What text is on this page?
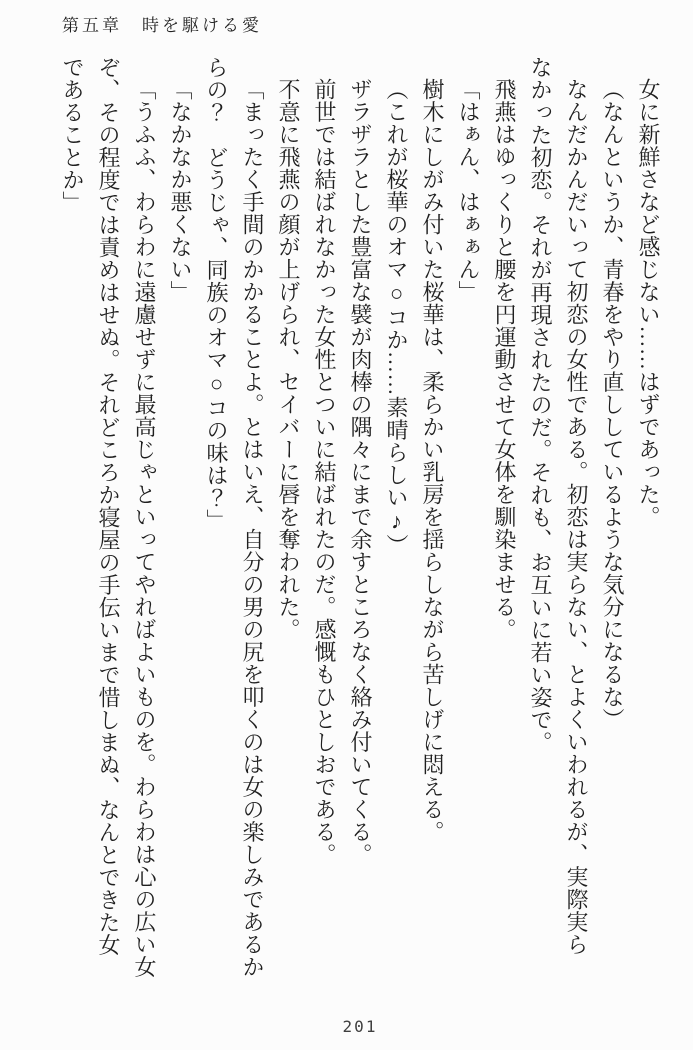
第五章　時を駆ける愛

女に新鮮さなど感じない……はずであった。

（なんというか、青春をやり直ししているような気分になるな）

なんだかんだいって初恋の女性である。初恋は実らない、とよくいわれるが、実際実ら

なかった初恋。それが再現されたのだ。それも、お互いに若い姿で。

飛燕はゆっくりと腰を円運動させて女体を馴染ませる。

「はぁん、はぁぁん」

樹木にしがみ付いた桜華は、柔らかい乳房を揺らしながら苦しげに悶える。

（これが桜華のオマ○コか……素晴らしい♪）

ザラザラとした豊富な襞が肉棒の隅々にまで余すところなく絡み付いてくる。

前世では結ばれなかった女性とついに結ばれたのだ。感慨もひとしおである。

不意に飛燕の顔が上げられ、セイバーに唇を奪われた。

「まったく手間のかかることよ。とはいえ、自分の男の尻を叩くのは女の楽しみであるか

らの？　どうじゃ、同族のオマ○コの味は？」

「なかなか悪くない」

「うふふ、わらわに遠慮せずに最高じゃといってやればよいものを。わらわは心の広い女

ぞ、その程度では責めはせぬ。それどころか寝屋の手伝いまで惜しまぬ、なんとできた女

であることか」

201
